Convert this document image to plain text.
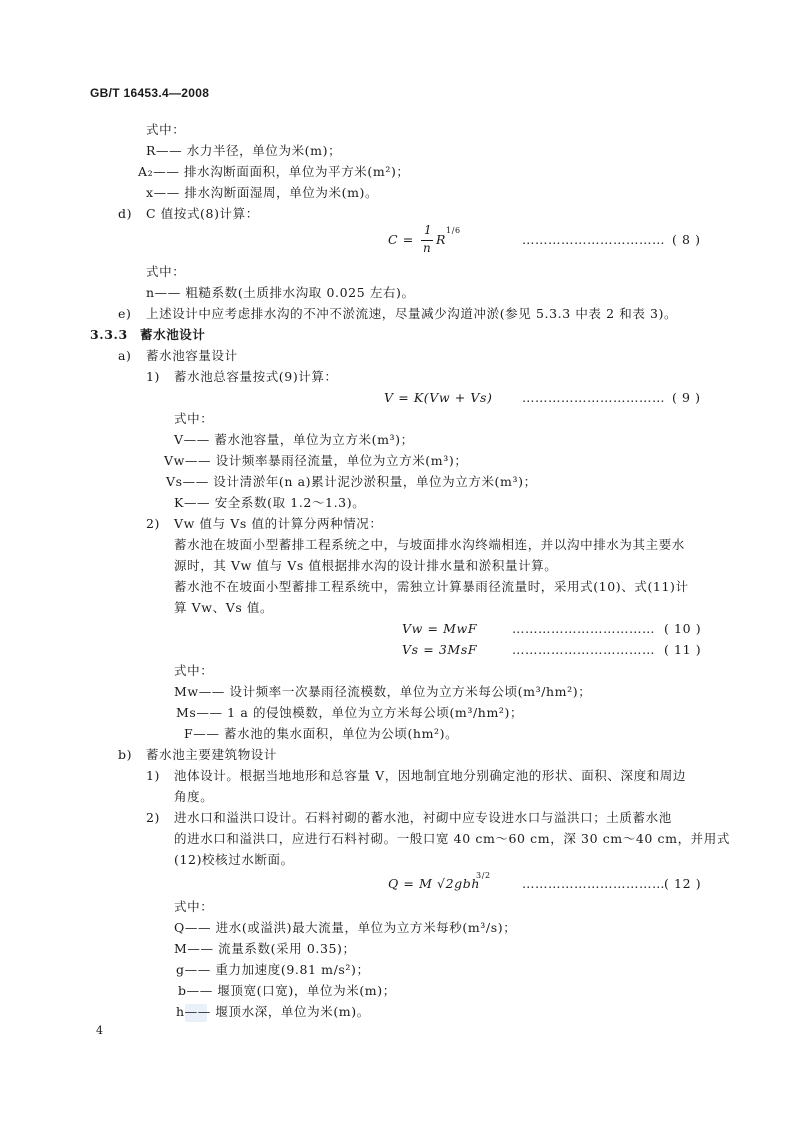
GB/T 16453.4—2008
式中：
R—— 水力半径，单位为米(m)；
A₂—— 排水沟断面面积，单位为平方米(m²)；
x—— 排水沟断面湿周，单位为米(m)。
d) C 值按式(8)计算：
C =
1
n
R
1/6
…………………………… ( 8 )
式中：
n—— 粗糙系数(土质排水沟取 0.025 左右)。
e) 上述设计中应考虑排水沟的不冲不淤流速，尽量减少沟道冲淤(参见 5.3.3 中表 2 和表 3)。
3.3.3 蓄水池设计
a) 蓄水池容量设计
1) 蓄水池总容量按式(9)计算：
V = K(Vw + Vs) …………………………… ( 9 )
式中：
V—— 蓄水池容量，单位为立方米(m³)；
Vw—— 设计频率暴雨径流量，单位为立方米(m³)；
Vs—— 设计清淤年(n a)累计泥沙淤积量，单位为立方米(m³)；
K—— 安全系数(取 1.2～1.3)。
2) Vw 值与 Vs 值的计算分两种情况：
蓄水池在坡面小型蓄排工程系统之中，与坡面排水沟终端相连，并以沟中排水为其主要水
源时，其 Vw 值与 Vs 值根据排水沟的设计排水量和淤积量计算。
蓄水池不在坡面小型蓄排工程系统中，需独立计算暴雨径流量时，采用式(10)、式(11)计
算 Vw、Vs 值。
Vw = MwF	…………………………… ( 10 )
Vs = 3MsF	…………………………… ( 11 )
式中：
Mw—— 设计频率一次暴雨径流模数，单位为立方米每公顷(m³/hm²)；
Ms—— 1 a 的侵蚀模数，单位为立方米每公顷(m³/hm²)；
F—— 蓄水池的集水面积，单位为公顷(hm²)。
b) 蓄水池主要建筑物设计
1) 池体设计。根据当地地形和总容量 V，因地制宜地分别确定池的形状、面积、深度和周边
角度。
2) 进水口和溢洪口设计。石料衬砌的蓄水池，衬砌中应专设进水口与溢洪口；土质蓄水池
的进水口和溢洪口，应进行石料衬砌。一般口宽 40 cm～60 cm，深 30 cm～40 cm，并用式
(12)校核过水断面。
Q = M √2gbh
3/2
…………………………… ( 12 )
式中：
Q—— 进水(或溢洪)最大流量，单位为立方米每秒(m³/s)；
M—— 流量系数(采用 0.35)；
g—— 重力加速度(9.81 m/s²)；
b—— 堰顶宽(口宽)，单位为米(m)；
h—— 堰顶水深，单位为米(m)。
4
